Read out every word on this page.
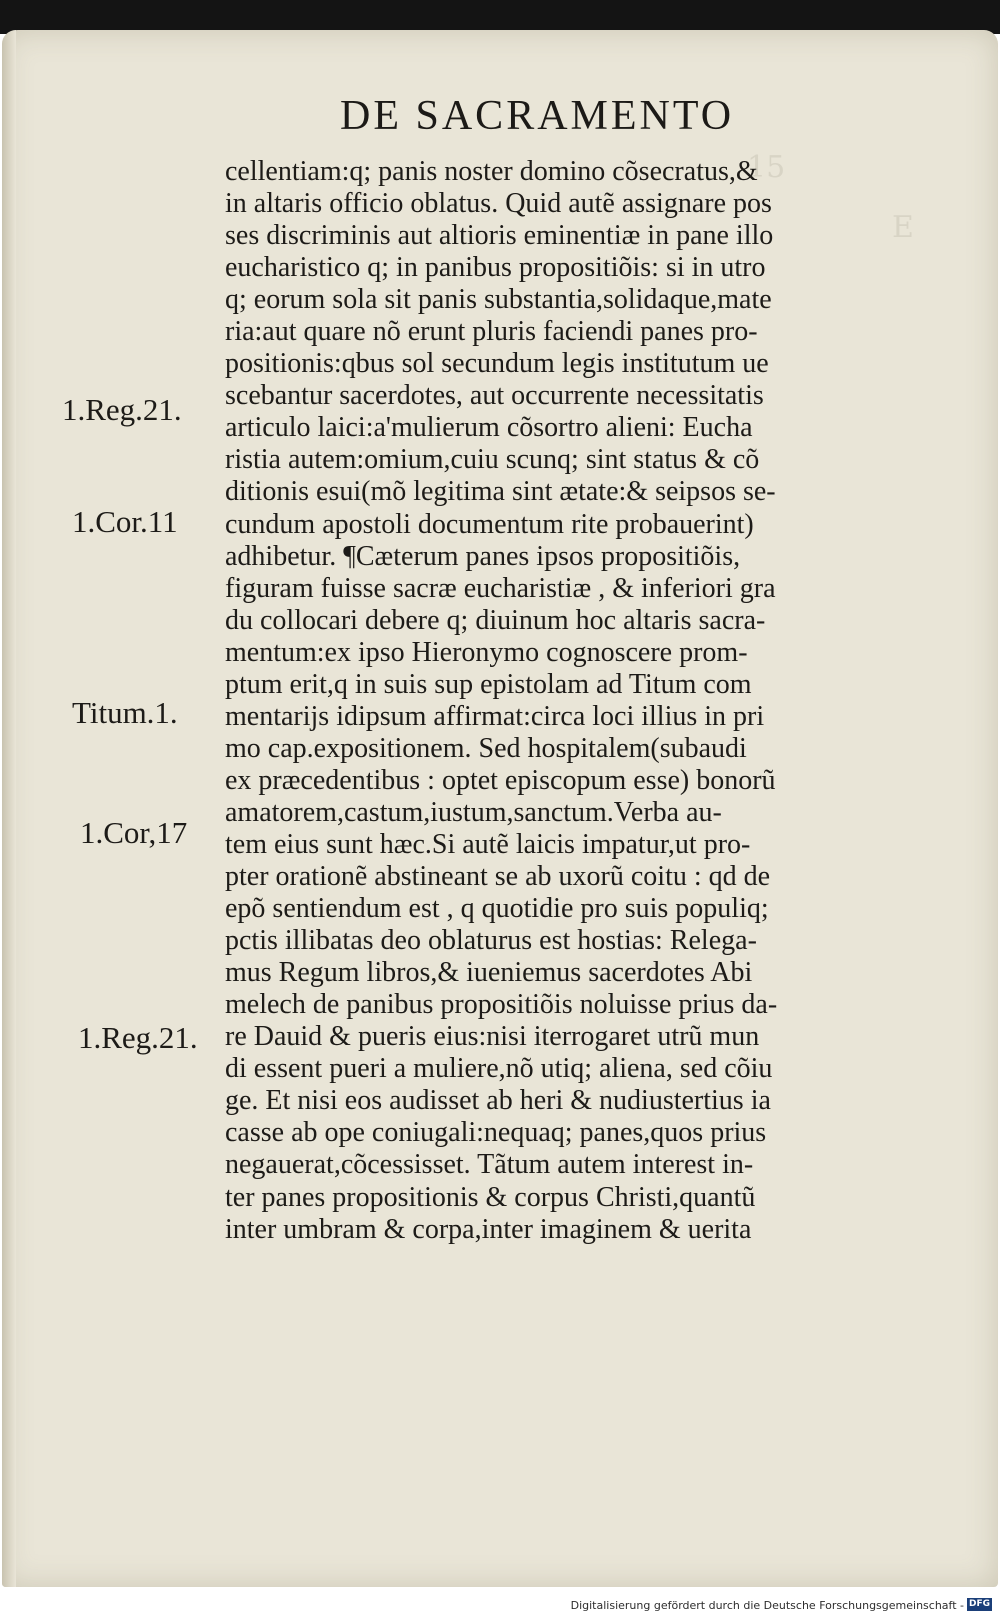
15
E
DE SACRAMENTO
cellentiam:q; panis noster domino cõsecratus,&
in altaris officio oblatus. Quid autẽ assignare pos
ses discriminis aut altioris eminentiæ in pane illo
eucharistico q; in panibus propositiõis: si in utro
q; eorum sola sit panis substantia,solidaque,mate
ria:aut quare nõ erunt pluris faciendi panes pro-
positionis:qbus sol secundum legis institutum ue
scebantur sacerdotes, aut occurrente necessitatis
articulo laici:a'mulierum cõsortro alieni: Eucha
ristia autem:omium,cuiu scunq; sint status & cõ
ditionis esui(mõ legitima sint ætate:& seipsos se-
cundum apostoli documentum rite probauerint)
adhibetur. ¶Cæterum panes ipsos propositiõis,
figuram fuisse sacræ eucharistiæ , & inferiori gra
du collocari debere q; diuinum hoc altaris sacra-
mentum:ex ipso Hieronymo cognoscere prom-
ptum erit,q in suis sup epistolam ad Titum com
mentarijs idipsum affirmat:circa loci illius in pri
mo cap.expositionem. Sed hospitalem(subaudi
ex præcedentibus : optet episcopum esse) bonorũ
amatorem,castum,iustum,sanctum.Verba au-
tem eius sunt hæc.Si autẽ laicis impatur,ut pro-
pter orationẽ abstineant se ab uxorũ coitu : qd de
epõ sentiendum est , q quotidie pro suis populiq;
pctis illibatas deo oblaturus est hostias: Relega-
mus Regum libros,& iueniemus sacerdotes Abi
melech de panibus propositiõis noluisse prius da-
re Dauid & pueris eius:nisi iterrogaret utrũ mun
di essent pueri a muliere,nõ utiq; aliena, sed cõiu
ge. Et nisi eos audisset ab heri & nudiustertius ia
casse ab ope coniugali:nequaq; panes,quos prius
negauerat,cõcessisset. Tãtum autem interest in-
ter panes propositionis & corpus Christi,quantũ
inter umbram & corpa,inter imaginem & uerita
1.Reg.21.
1.Cor.11
Titum.1.
1.Cor,17
1.Reg.21.
Digitalisierung gefördert durch die Deutsche Forschungsgemeinschaft - DFG
